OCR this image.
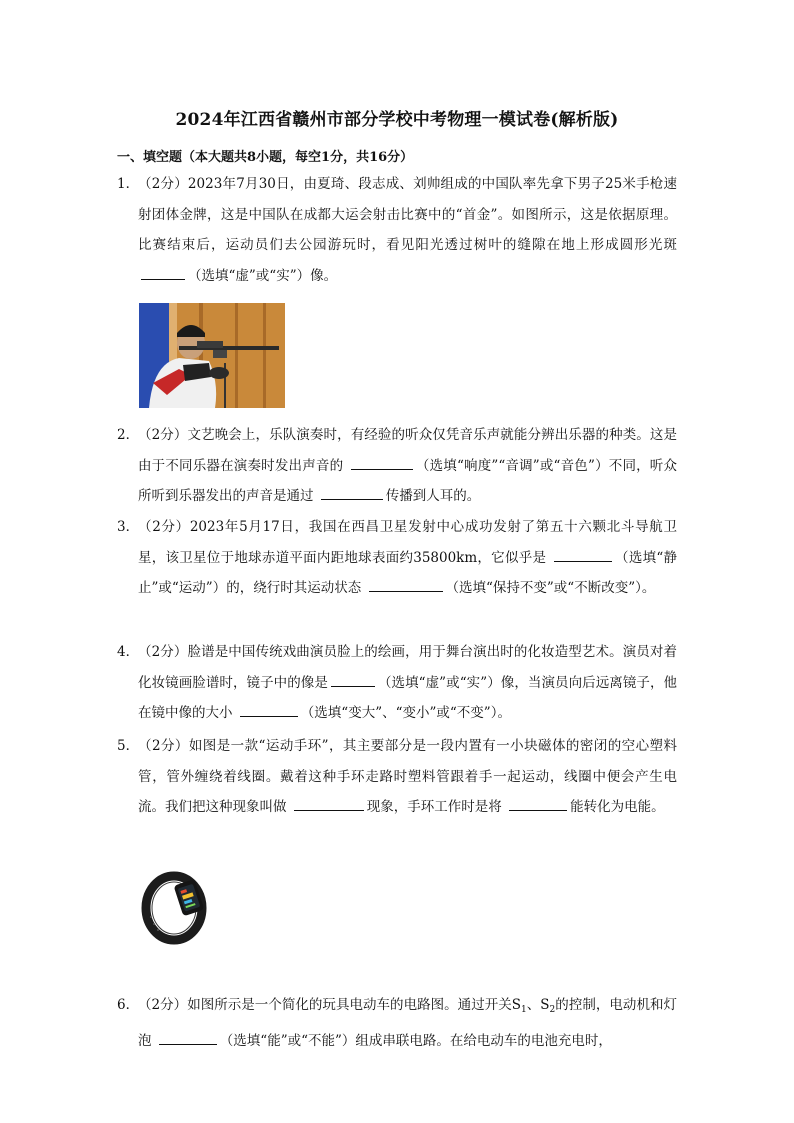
2024年江西省赣州市部分学校中考物理一模试卷(解析版)
一、填空题（本大题共8小题，每空1分，共16分）
1．
（2分）2023年7月30日，由夏琦、段志成、刘帅组成的中国队率先拿下男子25米手枪速射团体金牌，这是中国队在成都大运会射击比赛中的“首金”。如图所示，这是依据原理。比赛结束后，运动员们去公园游玩时，看见阳光透过树叶的缝隙在地上形成圆形光斑（选填“虚”或“实”）像。
2．
（2分）文艺晚会上，乐队演奏时，有经验的听众仅凭音乐声就能分辨出乐器的种类。这是由于不同乐器在演奏时发出声音的	（选填“响度”“音调”或“音色”）不同，听众所听到乐器发出的声音是通过	传播到人耳的。
3．
（2分）2023年5月17日，我国在西昌卫星发射中心成功发射了第五十六颗北斗导航卫星，该卫星位于地球赤道平面内距地球表面约35800km，它似乎是	（选填“静止”或“运动”）的，绕行时其运动状态	（选填“保持不变”或“不断改变”）。
4．
（2分）脸谱是中国传统戏曲演员脸上的绘画，用于舞台演出时的化妆造型艺术。演员对着化妆镜画脸谱时，镜子中的像是	（选填“虚”或“实”）像，当演员向后远离镜子，他在镜中像的大小	（选填“变大”、“变小”或“不变”）。
5．
（2分）如图是一款“运动手环”，其主要部分是一段内置有一小块磁体的密闭的空心塑料管，管外缠绕着线圈。戴着这种手环走路时塑料管跟着手一起运动，线圈中便会产生电流。我们把这种现象叫做	现象，手环工作时是将	能转化为电能。
6．
（2分）如图所示是一个简化的玩具电动车的电路图。通过开关$S_1$、$S_2$的控制，电动机和灯泡	（选填“能”或“不能”）组成串联电路。在给电动车的电池充电时，
